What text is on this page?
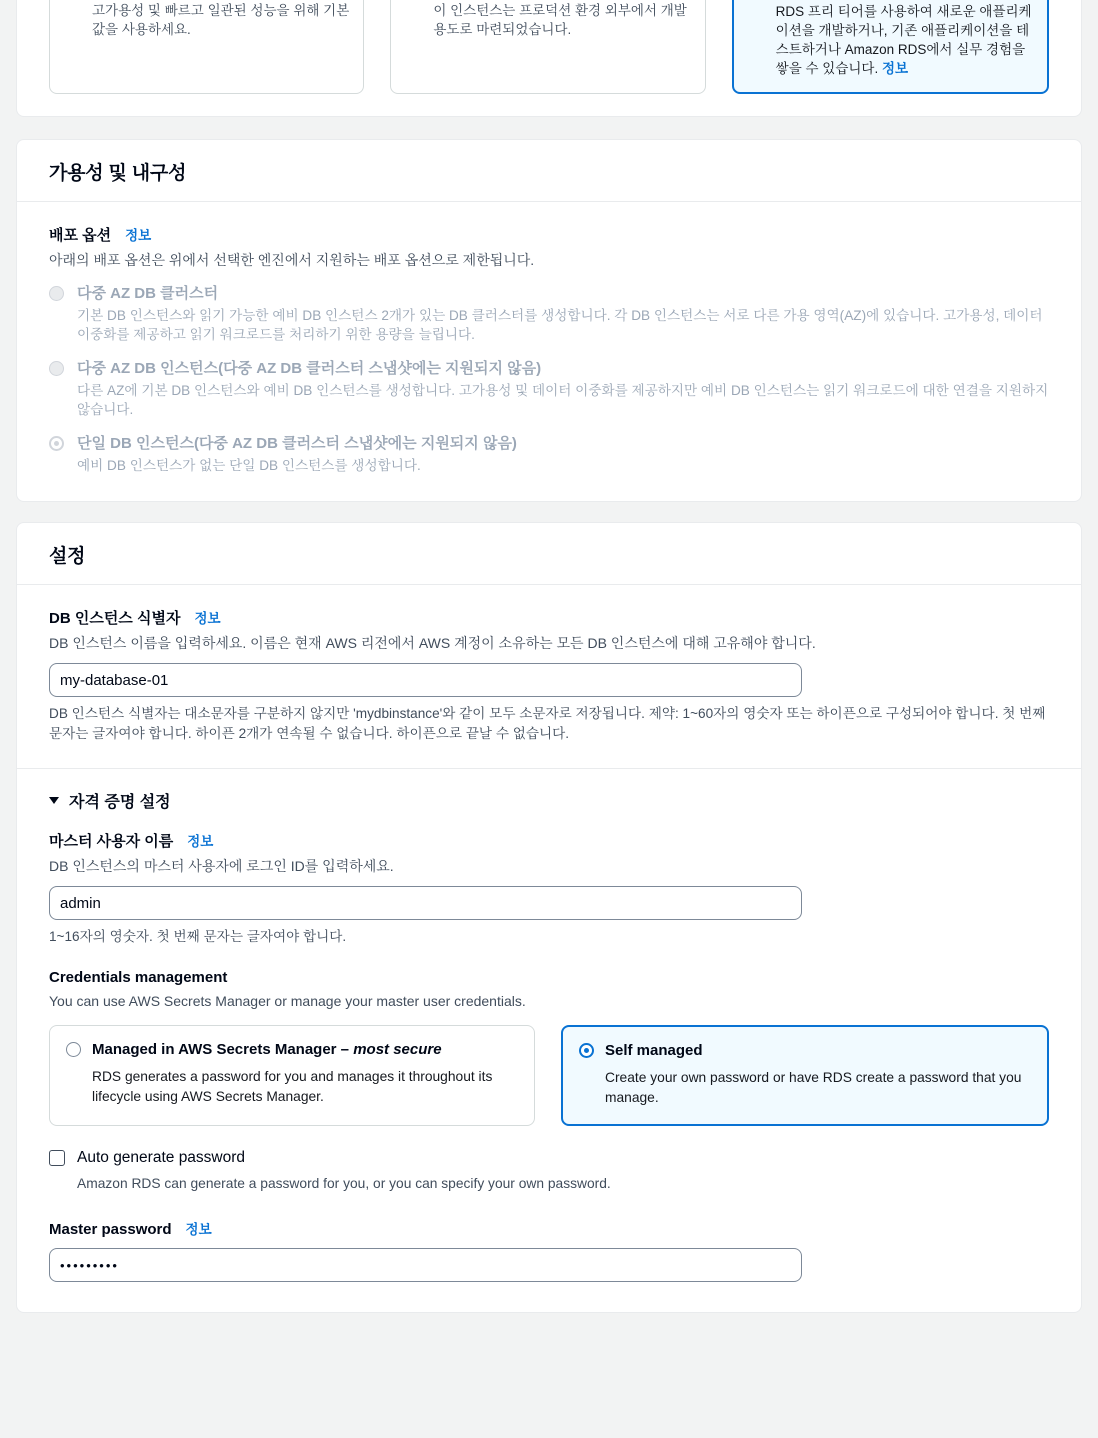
고가용성 및 빠르고 일관된 성능을 위해 기본값을 사용하세요.
이 인스턴스는 프로덕션 환경 외부에서 개발 용도로 마련되었습니다.
RDS 프리 티어를 사용하여 새로운 애플리케이션을 개발하거나, 기존 애플리케이션을 테스트하거나 Amazon RDS에서 실무 경험을 쌓을 수 있습니다. 정보
가용성 및 내구성
배포 옵션 정보

아래의 배포 옵션은 위에서 선택한 엔진에서 지원하는 배포 옵션으로 제한됩니다.

다중 AZ DB 클러스터
기본 DB 인스턴스와 읽기 가능한 예비 DB 인스턴스 2개가 있는 DB 클러스터를 생성합니다. 각 DB 인스턴스는 서로 다른 가용 영역(AZ)에 있습니다. 고가용성, 데이터 이중화를 제공하고 읽기 워크로드를 처리하기 위한 용량을 늘립니다.
다중 AZ DB 인스턴스(다중 AZ DB 클러스터 스냅샷에는 지원되지 않음)
다른 AZ에 기본 DB 인스턴스와 예비 DB 인스턴스를 생성합니다. 고가용성 및 데이터 이중화를 제공하지만 예비 DB 인스턴스는 읽기 워크로드에 대한 연결을 지원하지 않습니다.
단일 DB 인스턴스(다중 AZ DB 클러스터 스냅샷에는 지원되지 않음)
예비 DB 인스턴스가 없는 단일 DB 인스턴스를 생성합니다.
설정
DB 인스턴스 식별자 정보

DB 인스턴스 이름을 입력하세요. 이름은 현재 AWS 리전에서 AWS 계정이 소유하는 모든 DB 인스턴스에 대해 고유해야 합니다.

my-database-01

DB 인스턴스 식별자는 대소문자를 구분하지 않지만 'mydbinstance'와 같이 모두 소문자로 저장됩니다. 제약: 1~60자의 영숫자 또는 하이픈으로 구성되어야 합니다. 첫 번째 문자는 글자여야 합니다. 하이픈 2개가 연속될 수 없습니다. 하이픈으로 끝날 수 없습니다.

자격 증명 설정
마스터 사용자 이름 정보

DB 인스턴스의 마스터 사용자에 로그인 ID를 입력하세요.

admin

1~16자의 영숫자. 첫 번째 문자는 글자여야 합니다.

Credentials management

You can use AWS Secrets Manager or manage your master user credentials.

Managed in AWS Secrets Manager – most secure
RDS generates a password for you and manages it throughout its lifecycle using AWS Secrets Manager.
Self managed
Create your own password or have RDS create a password that you manage.
Auto generate password
Amazon RDS can generate a password for you, or you can specify your own password.
Master password 정보
•••••••••
